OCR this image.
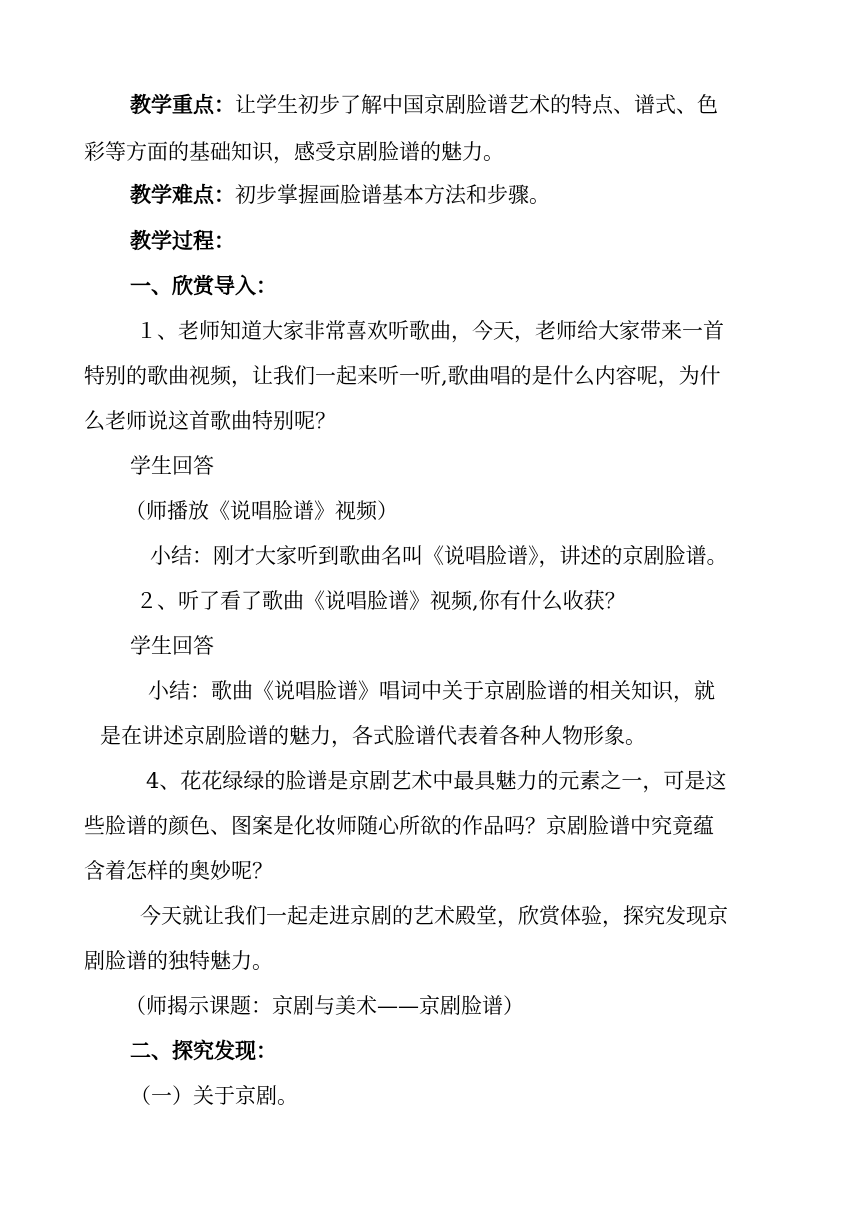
教学重点：让学生初步了解中国京剧脸谱艺术的特点、谱式、色
彩等方面的基础知识，感受京剧脸谱的魅力。
教学难点：初步掌握画脸谱基本方法和步骤。
教学过程：
一、欣赏导入：
１、老师知道大家非常喜欢听歌曲，今天，老师给大家带来一首
特别的歌曲视频，让我们一起来听一听,歌曲唱的是什么内容呢，为什
么老师说这首歌曲特别呢？
学生回答
（师播放《说唱脸谱》视频）
小结：刚才大家听到歌曲名叫《说唱脸谱》，讲述的京剧脸谱。
２、听了看了歌曲《说唱脸谱》视频,你有什么收获？
学生回答
小结：歌曲《说唱脸谱》唱词中关于京剧脸谱的相关知识，就
是在讲述京剧脸谱的魅力，各式脸谱代表着各种人物形象。
4、花花绿绿的脸谱是京剧艺术中最具魅力的元素之一，可是这
些脸谱的颜色、图案是化妆师随心所欲的作品吗？京剧脸谱中究竟蕴
含着怎样的奥妙呢？
今天就让我们一起走进京剧的艺术殿堂，欣赏体验，探究发现京
剧脸谱的独特魅力。
（师揭示课题：京剧与美术——京剧脸谱）
二、探究发现：
（一）关于京剧。
